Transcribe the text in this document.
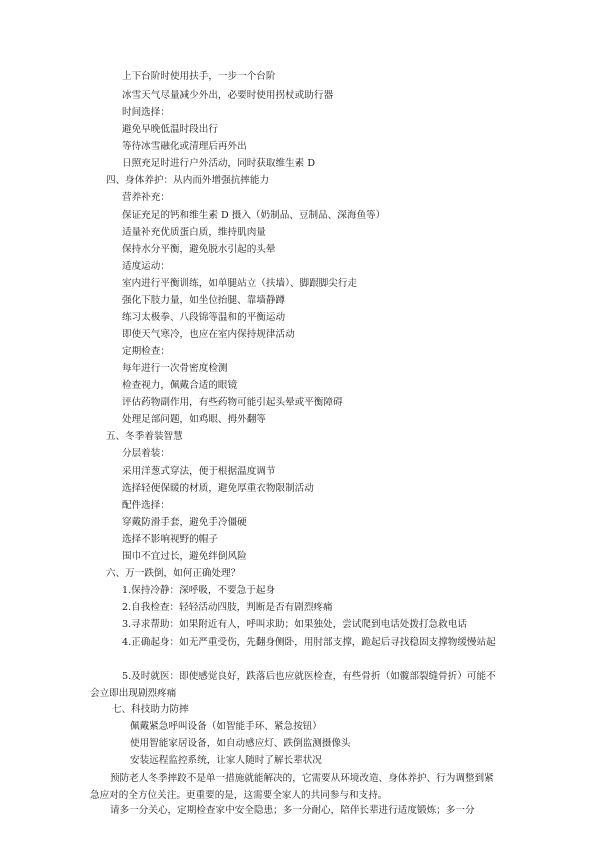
上下台阶时使用扶手，一步一个台阶
冰雪天气尽量减少外出，必要时使用拐杖或助行器
时间选择：
避免早晚低温时段出行
等待冰雪融化或清理后再外出
日照充足时进行户外活动，同时获取维生素 D
四、身体养护：从内而外增强抗摔能力
营养补充：
保证充足的钙和维生素 D 摄入（奶制品、豆制品、深海鱼等）
适量补充优质蛋白质，维持肌肉量
保持水分平衡，避免脱水引起的头晕
适度运动：
室内进行平衡训练，如单腿站立（扶墙）、脚跟脚尖行走
强化下肢力量，如坐位抬腿、靠墙静蹲
练习太极拳、八段锦等温和的平衡运动
即使天气寒冷，也应在室内保持规律活动
定期检查：
每年进行一次骨密度检测
检查视力，佩戴合适的眼镜
评估药物副作用，有些药物可能引起头晕或平衡障碍
处理足部问题，如鸡眼、拇外翻等
五、冬季着装智慧
分层着装：
采用洋葱式穿法，便于根据温度调节
选择轻便保暖的材质，避免厚重衣物限制活动
配件选择：
穿戴防滑手套，避免手冷僵硬
选择不影响视野的帽子
围巾不宜过长，避免绊倒风险
六、万一跌倒，如何正确处理？
1.保持冷静：深呼吸，不要急于起身
2.自我检查：轻轻活动四肢，判断是否有剧烈疼痛
3.寻求帮助：如果附近有人，呼叫求助；如果独处，尝试爬到电话处拨打急救电话
4.正确起身：如无严重受伤，先翻身侧卧，用肘部支撑，跪起后寻找稳固支撑物缓慢站起
5.及时就医：即使感觉良好，跌落后也应就医检查，有些骨折（如髋部裂缝骨折）可能不会立即出现剧烈疼痛
七、科技助力防摔
佩戴紧急呼叫设备（如智能手环、紧急按钮）
使用智能家居设备，如自动感应灯、跌倒监测摄像头
安装远程监控系统，让家人随时了解长辈状况
预防老人冬季摔跤不是单一措施就能解决的，它需要从环境改造、身体养护、行为调整到紧急应对的全方位关注。更重要的是，这需要全家人的共同参与和支持。
请多一分关心，定期检查家中安全隐患；多一分耐心，陪伴长辈进行适度锻炼；多一分
